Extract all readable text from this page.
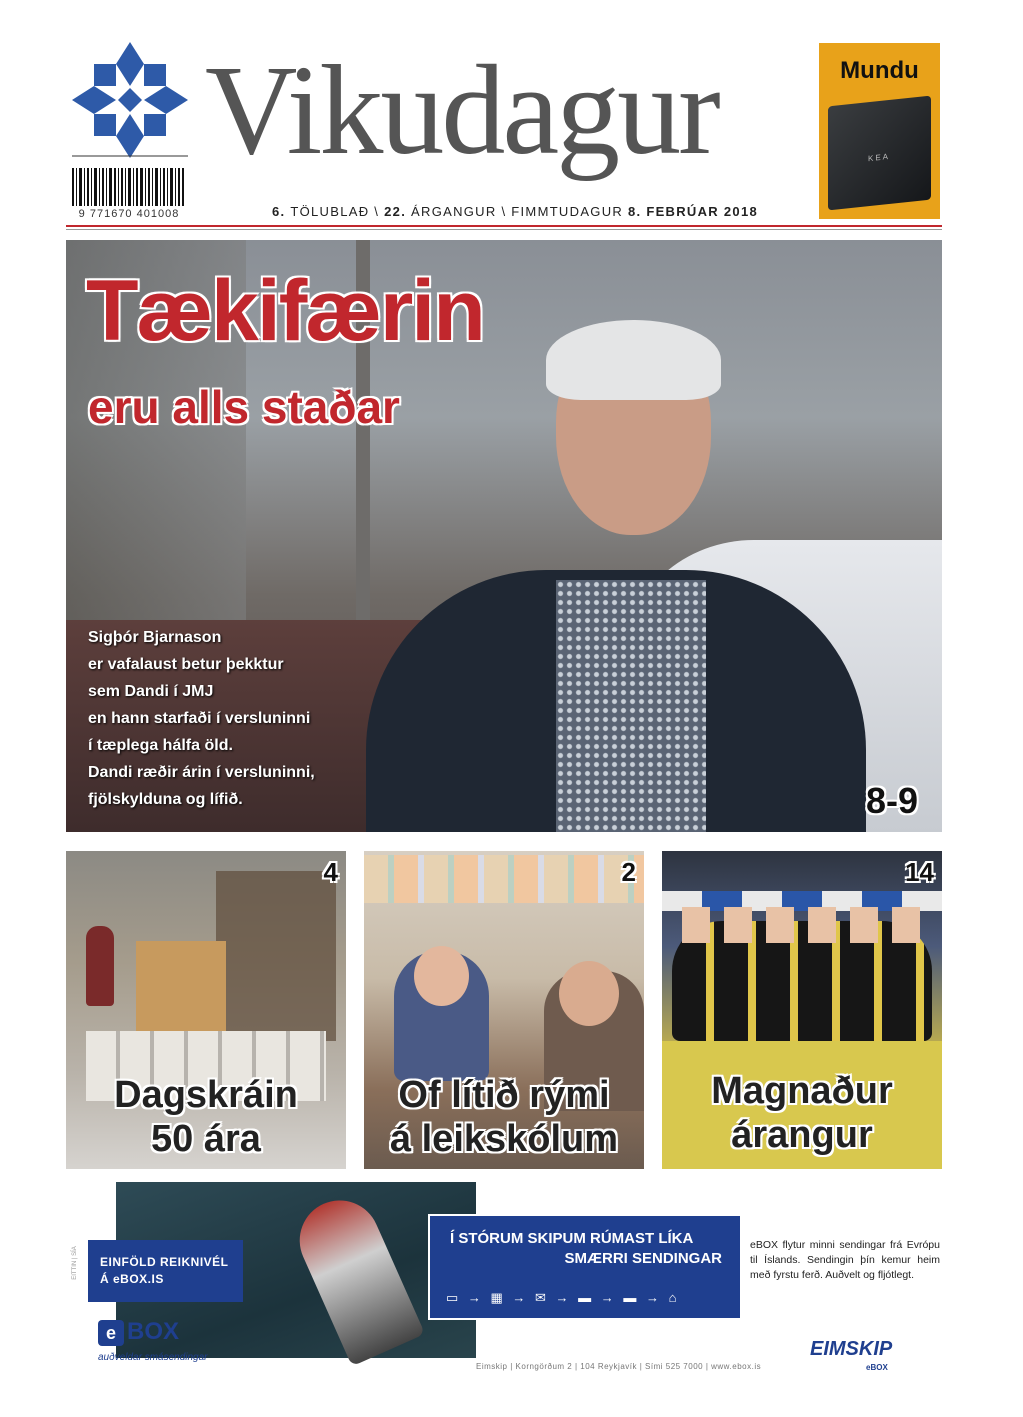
Vikudagur
9 771670 401008	6. TÖLUBLAÐ \ 22. ÁRGANGUR \ FIMMTUDAGUR 8. FEBRÚAR 2018
Mundu
KEA
Tækifærin
eru alls staðar
Sigþór Bjarnason
er vafalaust betur þekktur
sem Dandi í JMJ
en hann starfaði í versluninni
í tæplega hálfa öld.
Dandi ræðir árin í versluninni,
fjölskylduna og lífið.	8-9
4
Dagskráin
50 ára
2
Of lítið rými
á leikskólum
14
Magnaður
árangur
EITTIN | SÍA EINFÖLD REIKNIVÉL
Á eBOX.IS
Í STÓRUM SKIPUM RÚMAST LÍKA
SMÆRRI SENDINGAR
▭ → ▦ → ✉ → ▬ → ▬ → ⌂
eBOX flytur minni sendingar frá Evrópu til Íslands. Sendingin þín kemur heim með fyrstu ferð. Auðvelt og fljótlegt.
e BOX
auðveldar smásendingar
Eimskip | Korngörðum 2 | 104 Reykjavík | Sími 525 7000 | www.ebox.is
EIMSKIP
eBOX
